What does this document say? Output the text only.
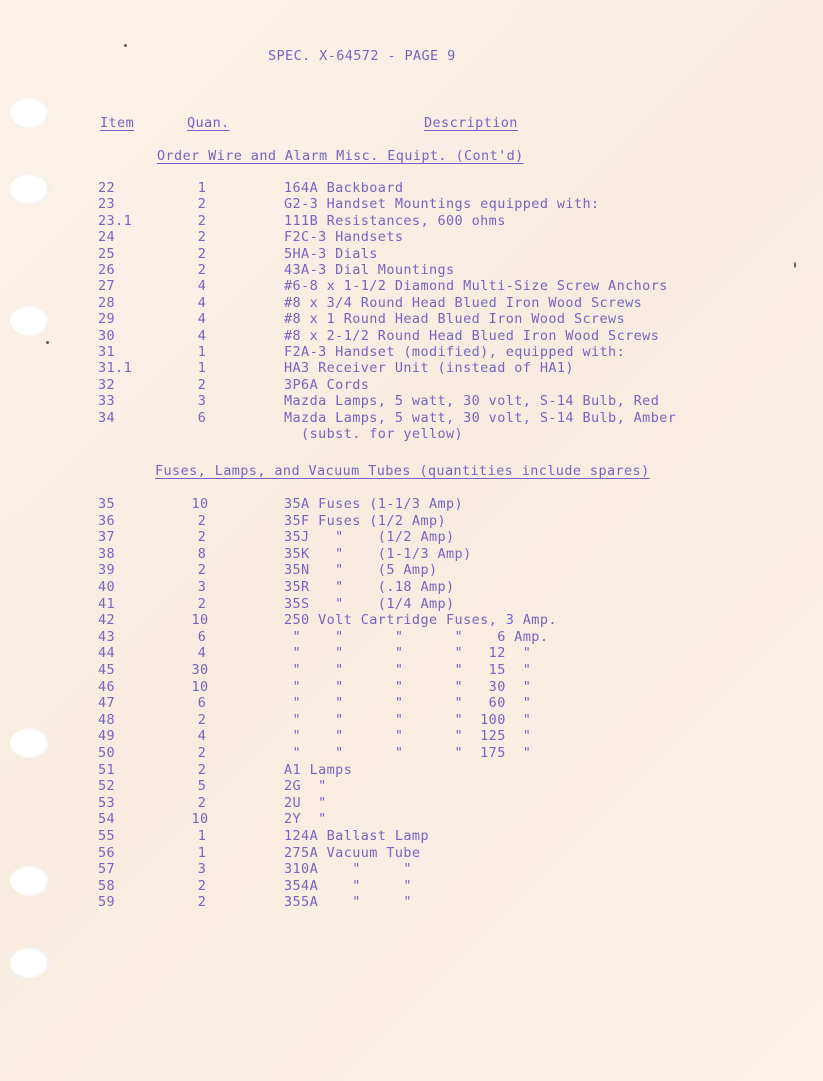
SPEC. X-64572 - PAGE 9
Item	Quan.	Description
Order Wire and Alarm Misc. Equipt. (Cont'd)
Fuses, Lamps, and Vacuum Tubes (quantities include spares)
22	1	164A Backboard
23	2	G2-3 Handset Mountings equipped with:
23.1	2	111B Resistances, 600 ohms
24	2	F2C-3 Handsets
25	2	5HA-3 Dials
26	2	43A-3 Dial Mountings
27	4	#6-8 x 1-1/2 Diamond Multi-Size Screw Anchors
28	4	#8 x 3/4 Round Head Blued Iron Wood Screws
29	4	#8 x 1 Round Head Blued Iron Wood Screws
30	4	#8 x 2-1/2 Round Head Blued Iron Wood Screws
31	1	F2A-3 Handset (modified), equipped with:
31.1	1	HA3 Receiver Unit (instead of HA1)
32	2	3P6A Cords
33	3	Mazda Lamps, 5 watt, 30 volt, S-14 Bulb, Red
34	6	Mazda Lamps, 5 watt, 30 volt, S-14 Bulb, Amber
(subst. for yellow)
35	10	35A Fuses (1-1/3 Amp)
36	2	35F Fuses (1/2 Amp)
37	2	35J   "    (1/2 Amp)
38	8	35K   "    (1-1/3 Amp)
39	2	35N   "    (5 Amp)
40	3	35R   "    (.18 Amp)
41	2	35S   "    (1/4 Amp)
42	10	250 Volt Cartridge Fuses, 3 Amp.
43	6	"    "      "      "    6 Amp.
44	4	"    "      "      "   12  "
45	30	"    "      "      "   15  "
46	10	"    "      "      "   30  "
47	6	"    "      "      "   60  "
48	2	"    "      "      "  100  "
49	4	"    "      "      "  125  "
50	2	"    "      "      "  175  "
51	2	A1 Lamps
52	5	2G  "
53	2	2U  "
54	10	2Y  "
55	1	124A Ballast Lamp
56	1	275A Vacuum Tube
57	3	310A    "     "
58	2	354A    "     "
59	2	355A    "     "
